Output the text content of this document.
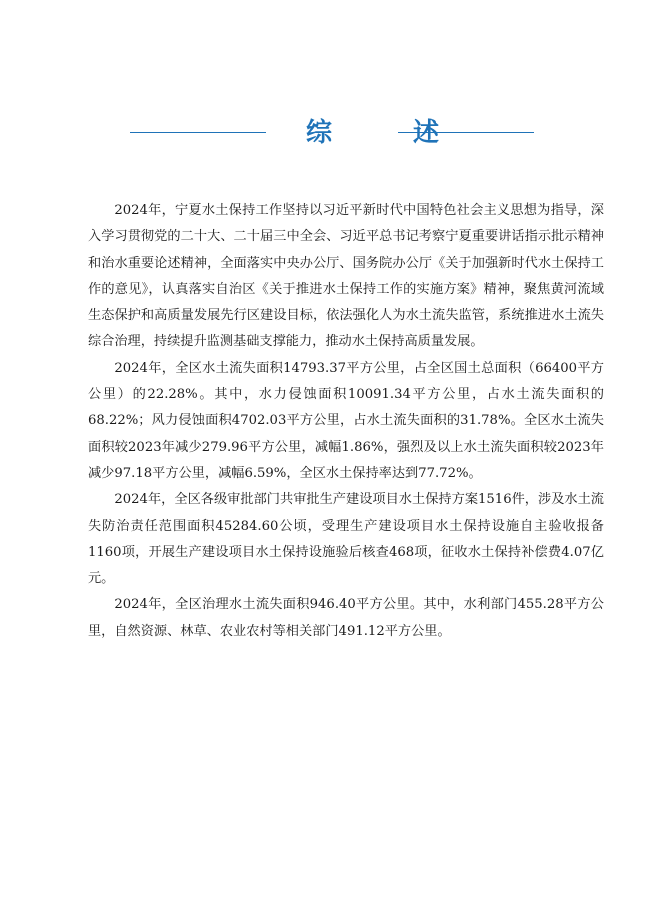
综 述

2024年，宁夏水土保持工作坚持以习近平新时代中国特色社会主义思想为指导，深入学习贯彻党的二十大、二十届三中全会、习近平总书记考察宁夏重要讲话指示批示精神和治水重要论述精神，全面落实中央办公厅、国务院办公厅《关于加强新时代水土保持工作的意见》，认真落实自治区《关于推进水土保持工作的实施方案》精神，聚焦黄河流域生态保护和高质量发展先行区建设目标，依法强化人为水土流失监管，系统推进水土流失综合治理，持续提升监测基础支撑能力，推动水土保持高质量发展。

2024年，全区水土流失面积14793.37平方公里，占全区国土总面积（66400平方公里）的22.28%。其中，水力侵蚀面积10091.34平方公里，占水土流失面积的68.22%；风力侵蚀面积4702.03平方公里，占水土流失面积的31.78%。全区水土流失面积较2023年减少279.96平方公里，减幅1.86%，强烈及以上水土流失面积较2023年减少97.18平方公里，减幅6.59%，全区水土保持率达到77.72%。

2024年，全区各级审批部门共审批生产建设项目水土保持方案1516件，涉及水土流失防治责任范围面积45284.60公顷，受理生产建设项目水土保持设施自主验收报备1160项，开展生产建设项目水土保持设施验后核查468项，征收水土保持补偿费4.07亿元。

2024年，全区治理水土流失面积946.40平方公里。其中，水利部门455.28平方公里，自然资源、林草、农业农村等相关部门491.12平方公里。
